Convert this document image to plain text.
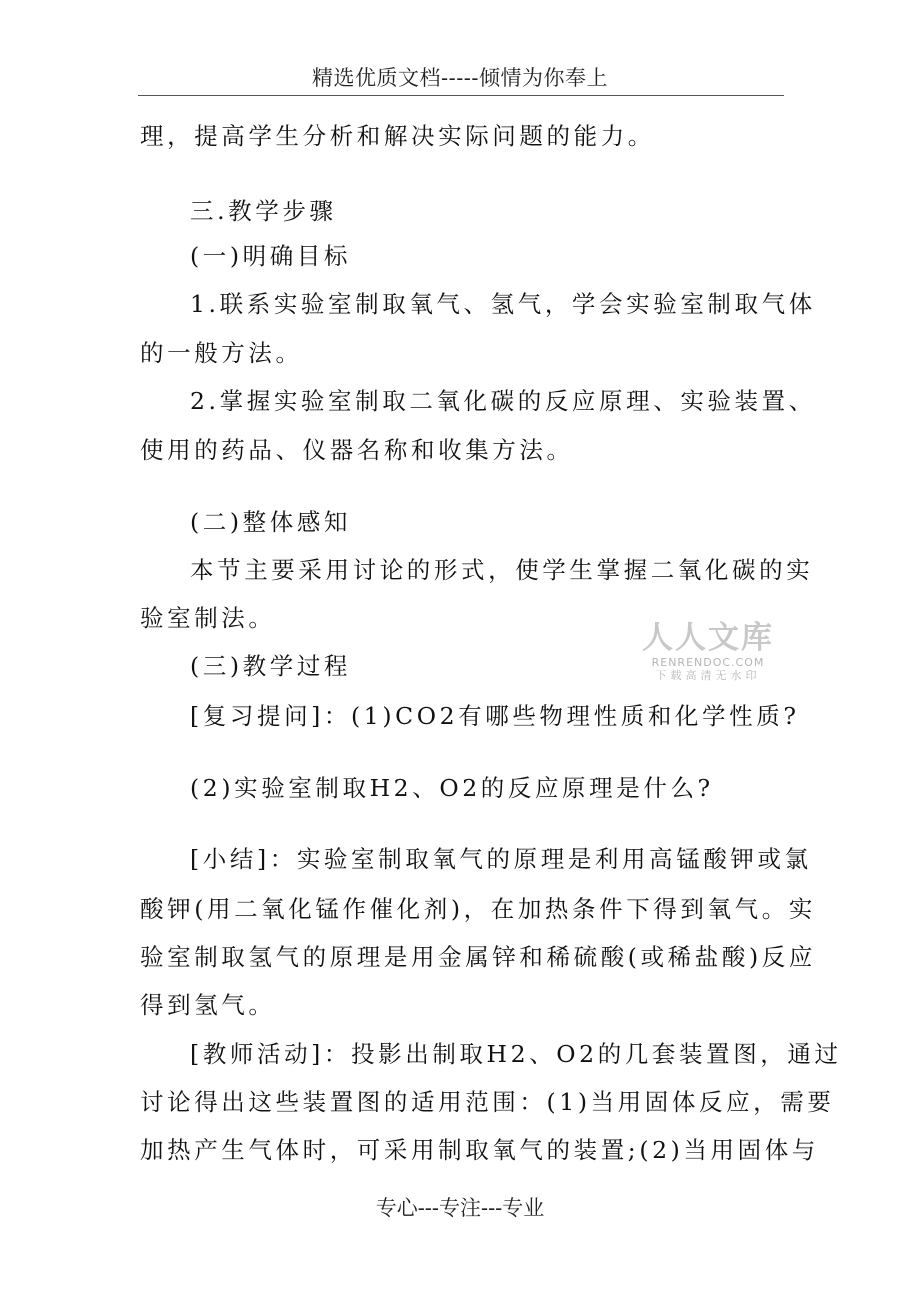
精选优质文档-----倾情为你奉上
理，提高学生分析和解决实际问题的能力。
三.教学步骤
(一)明确目标
1.联系实验室制取氧气、氢气，学会实验室制取气体
的一般方法。
2.掌握实验室制取二氧化碳的反应原理、实验装置、
使用的药品、仪器名称和收集方法。
(二)整体感知
本节主要采用讨论的形式，使学生掌握二氧化碳的实
验室制法。
(三)教学过程
[复习提问]：(1)CO2有哪些物理性质和化学性质?
(2)实验室制取H2、O2的反应原理是什么?
[小结]：实验室制取氧气的原理是利用高锰酸钾或氯
酸钾(用二氧化锰作催化剂)，在加热条件下得到氧气。实
验室制取氢气的原理是用金属锌和稀硫酸(或稀盐酸)反应
得到氢气。
[教师活动]：投影出制取H2、O2的几套装置图，通过
讨论得出这些装置图的适用范围：(1)当用固体反应，需要
加热产生气体时，可采用制取氧气的装置;(2)当用固体与
人人文库
RENRENDOC.COM
下载高清无水印
专心---专注---专业
